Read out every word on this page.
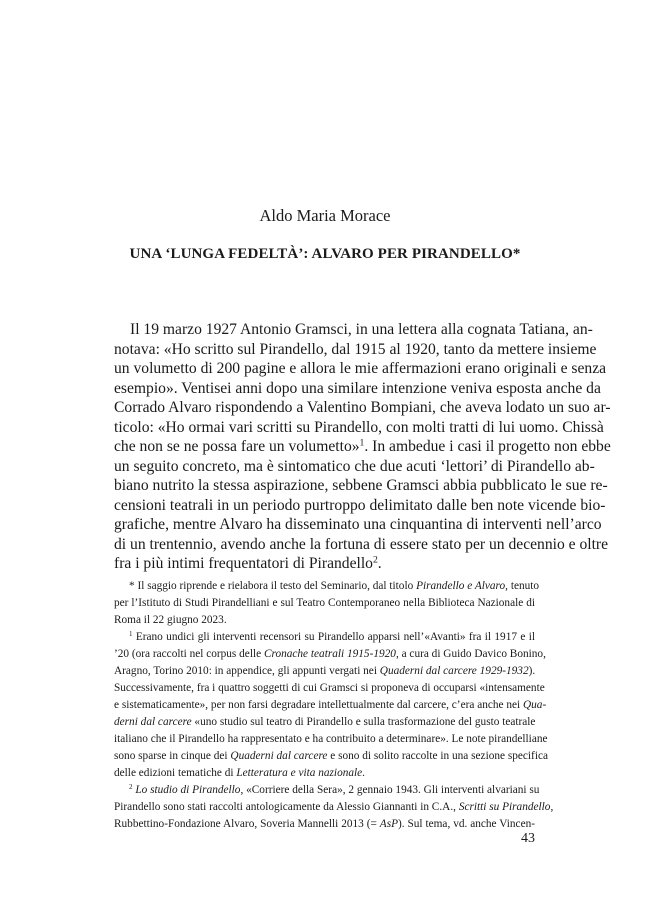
Aldo Maria Morace
UNA ‘LUNGA FEDELTÀ’: ALVARO PER PIRANDELLO*
Il 19 marzo 1927 Antonio Gramsci, in una lettera alla cognata Tatiana, an-
notava: «Ho scritto sul Pirandello, dal 1915 al 1920, tanto da mettere insieme
un volumetto di 200 pagine e allora le mie affermazioni erano originali e senza
esempio». Ventisei anni dopo una similare intenzione veniva esposta anche da
Corrado Alvaro rispondendo a Valentino Bompiani, che aveva lodato un suo ar-
ticolo: «Ho ormai vari scritti su Pirandello, con molti tratti di lui uomo. Chissà
che non se ne possa fare un volumetto»$^1$. In ambedue i casi il progetto non ebbe
un seguito concreto, ma è sintomatico che due acuti ‘lettori’ di Pirandello ab-
biano nutrito la stessa aspirazione, sebbene Gramsci abbia pubblicato le sue re-
censioni teatrali in un periodo purtroppo delimitato dalle ben note vicende bio-
grafiche, mentre Alvaro ha disseminato una cinquantina di interventi nell’arco
di un trentennio, avendo anche la fortuna di essere stato per un decennio e oltre
fra i più intimi frequentatori di Pirandello$^2$.
* Il saggio riprende e rielabora il testo del Seminario, dal titolo Pirandello e Alvaro, tenuto
per l’Istituto di Studi Pirandelliani e sul Teatro Contemporaneo nella Biblioteca Nazionale di
Roma il 22 giugno 2023.
$^1$ Erano undici gli interventi recensori su Pirandello apparsi nell’«Avanti» fra il 1917 e il
’20 (ora raccolti nel corpus delle Cronache teatrali 1915-1920, a cura di Guido Davico Bonino,
Aragno, Torino 2010: in appendice, gli appunti vergati nei Quaderni dal carcere 1929-1932).
Successivamente, fra i quattro soggetti di cui Gramsci si proponeva di occuparsi «intensamente
e sistematicamente», per non farsi degradare intellettualmente dal carcere, c’era anche nei Qua-
derni dal carcere «uno studio sul teatro di Pirandello e sulla trasformazione del gusto teatrale
italiano che il Pirandello ha rappresentato e ha contribuito a determinare». Le note pirandelliane
sono sparse in cinque dei Quaderni dal carcere e sono di solito raccolte in una sezione specifica
delle edizioni tematiche di Letteratura e vita nazionale.
$^2$ Lo studio di Pirandello, «Corriere della Sera», 2 gennaio 1943. Gli interventi alvariani su
Pirandello sono stati raccolti antologicamente da Alessio Giannanti in C.A., Scritti su Pirandello,
Rubbettino-Fondazione Alvaro, Soveria Mannelli 2013 (= AsP). Sul tema, vd. anche Vincen-
43
